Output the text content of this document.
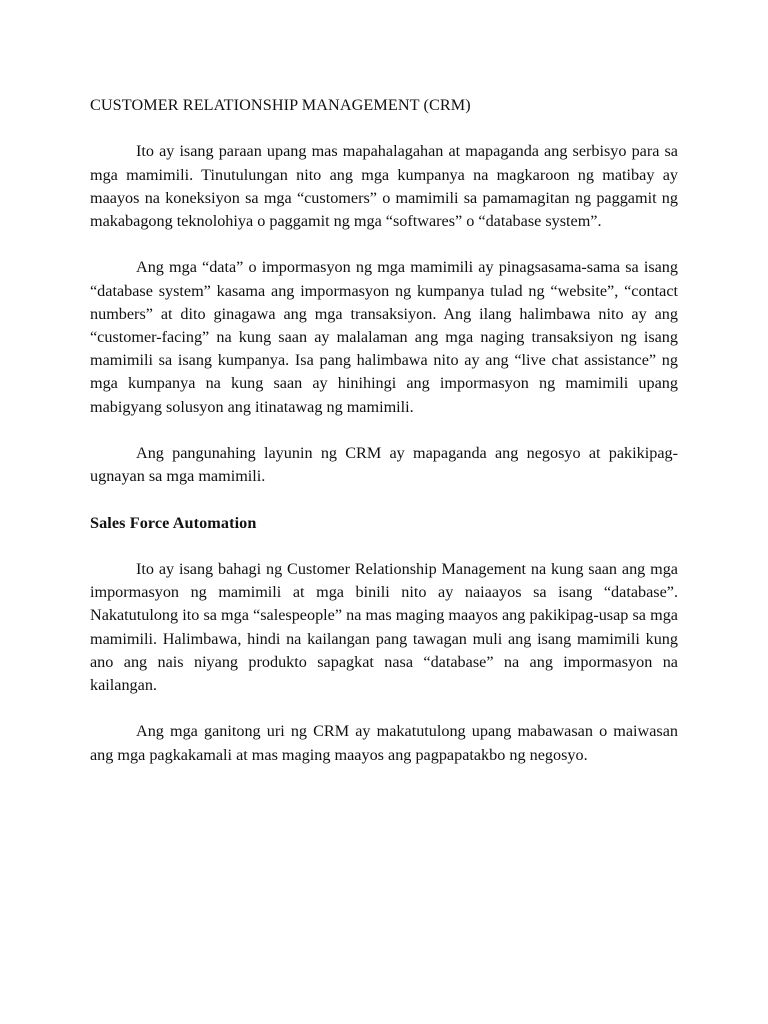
CUSTOMER RELATIONSHIP MANAGEMENT (CRM)

Ito ay isang paraan upang mas mapahalagahan at mapaganda ang serbisyo para sa mga mamimili. Tinutulungan nito ang mga kumpanya na magkaroon ng matibay ay maayos na koneksiyon sa mga “customers” o mamimili sa pamamagitan ng paggamit ng makabagong teknolohiya o paggamit ng mga “softwares” o “database system”.

Ang mga “data” o impormasyon ng mga mamimili ay pinagsasama-sama sa isang “database system” kasama ang impormasyon ng kumpanya tulad ng “website”, “contact numbers” at dito ginagawa ang mga transaksiyon. Ang ilang halimbawa nito ay ang “customer-facing” na kung saan ay malalaman ang mga naging transaksiyon ng isang mamimili sa isang kumpanya. Isa pang halimbawa nito ay ang “live chat assistance” ng mga kumpanya na kung saan ay hinihingi ang impormasyon ng mamimili upang mabigyang solusyon ang itinatawag ng mamimili.

Ang pangunahing layunin ng CRM ay mapaganda ang negosyo at pakikipag-ugnayan sa mga mamimili.

Sales Force Automation

Ito ay isang bahagi ng Customer Relationship Management na kung saan ang mga impormasyon ng mamimili at mga binili nito ay naiaayos sa isang “database”. Nakatutulong ito sa mga “salespeople” na mas maging maayos ang pakikipag-usap sa mga mamimili. Halimbawa, hindi na kailangan pang tawagan muli ang isang mamimili kung ano ang nais niyang produkto sapagkat nasa “database” na ang impormasyon na kailangan.

Ang mga ganitong uri ng CRM ay makatutulong upang mabawasan o maiwasan ang mga pagkakamali at mas maging maayos ang pagpapatakbo ng negosyo.
